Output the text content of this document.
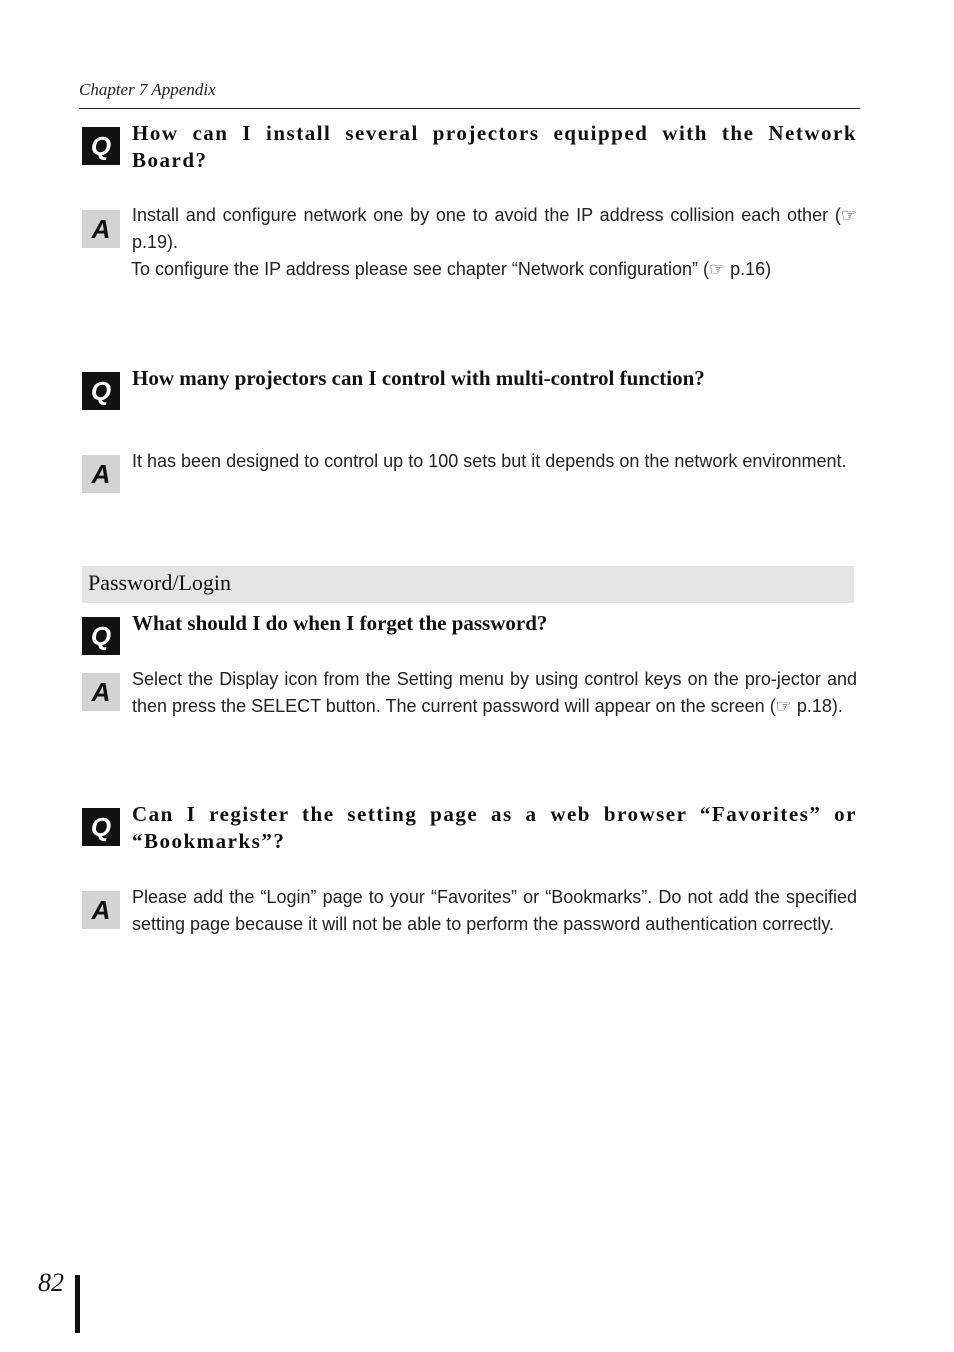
Chapter 7 Appendix
Q How can I install several projectors equipped with the Network Board?
A	Install and configure network one by one to avoid the IP address collision each other (☞ p.19).

To configure the IP address please see chapter “Network configuration” (☞ p.16)

Q How many projectors can I control with multi-control function?
A	It has been designed to control up to 100 sets but it depends on the network environment.
Password/Login
Q What should I do when I forget the password?
A	Select the Display icon from the Setting menu by using control keys on the pro-jector and then press the SELECT button. The current password will appear on the screen (☞ p.18).
Q Can I register the setting page as a web browser “Favorites” or “Bookmarks”?
A	Please add the “Login” page to your “Favorites” or “Bookmarks”. Do not add the specified setting page because it will not be able to perform the password authentication correctly.
82
